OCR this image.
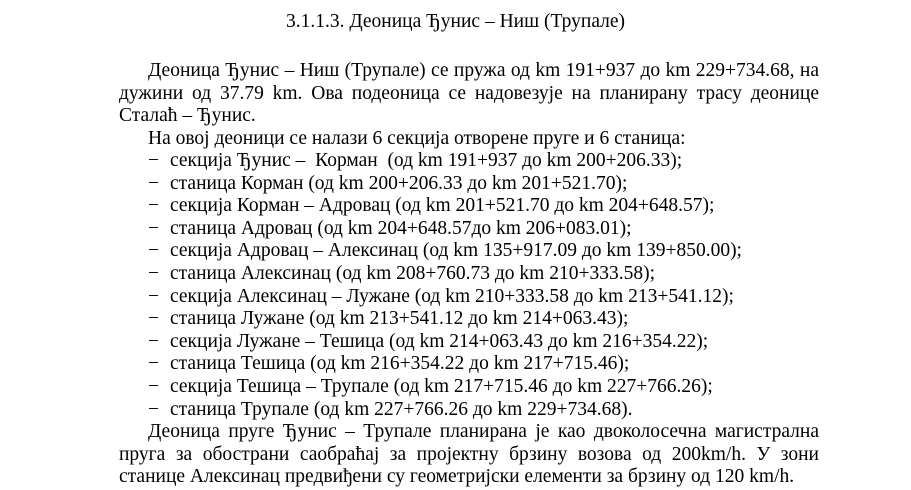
3.1.1.3. Деоница Ђунис – Ниш (Трупале)
Деоница Ђунис – Ниш (Трупале) се пружа од km 191+937 до km 229+734.68, на дужини од 37.79 km. Ова подеоница се надовезује на планирану трасу деонице Сталаћ – Ђунис.
На овој деоници се налази 6 секција отворене пруге и 6 станица:
− секција Ђунис –  Корман  (од km 191+937 до km 200+206.33);
− станица Корман (од km 200+206.33 до km 201+521.70);
− секција Корман – Адровац (од km 201+521.70 до km 204+648.57);
− станица Адровац (од km 204+648.57до km 206+083.01);
− секција Адровац – Алексинац (од km 135+917.09 до km 139+850.00);
− станица Алексинац (од km 208+760.73 до km 210+333.58);
− секција Алексинац – Лужане (од km 210+333.58 до km 213+541.12);
− станица Лужане (од km 213+541.12 до km 214+063.43);
− секција Лужане – Тешица (од km 214+063.43 до km 216+354.22);
− станица Тешица (од km 216+354.22 до km 217+715.46);
− секција Тешица – Трупале (од km 217+715.46 до km 227+766.26);
− станица Трупале (од km 227+766.26 до km 229+734.68).
Деоница пруге Ђунис – Трупале планирана је као двоколосечна магистрална пруга за обострани саобраћај за пројектну брзину возова од 200km/h. У зони станице Алексинац предвиђени су геометријски елементи за брзину од 120 km/h.
